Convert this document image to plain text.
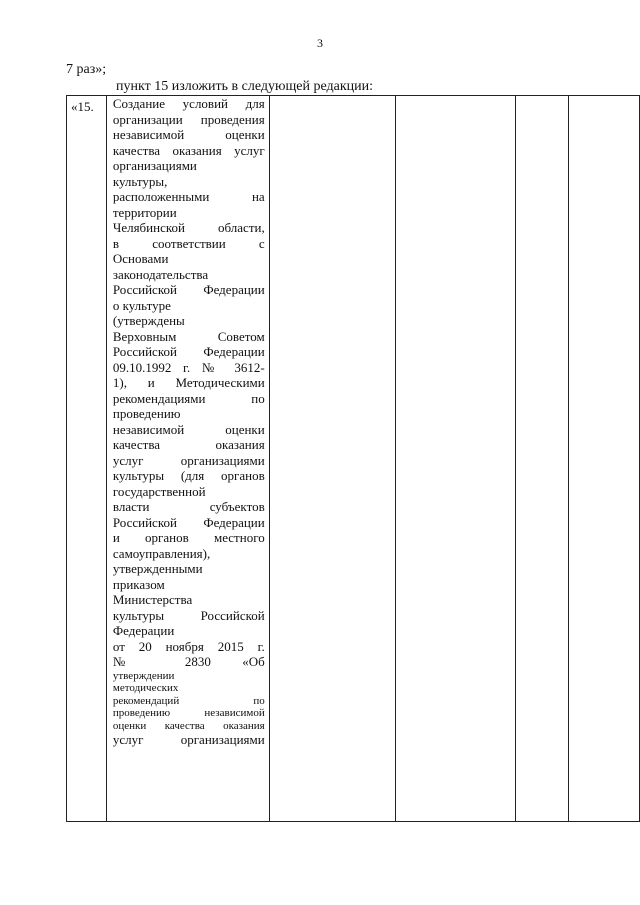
3
7 раз»;
пункт 15 изложить в следующей редакции:
«15.	Создание условий для
организации проведения
независимой оценки
качества оказания услуг
организациями
культуры,
расположенными на
территории
Челябинской области,
в соответствии с
Основами
законодательства
Российской Федерации
о культуре
(утверждены
Верховным Советом
Российской Федерации
09.10.1992 г. № 3612-
1), и Методическими
рекомендациями по
проведению
независимой оценки
качества оказания
услуг организациями
культуры (для органов
государственной
власти субъектов
Российской Федерации
и органов местного
самоуправления),
утвержденными
приказом
Министерства
культуры Российской
Федерации
от 20 ноября 2015 г.
№ 2830 «Об
утверждении
методических
рекомендаций по
проведению независимой
оценки качества оказания
услуг организациями
